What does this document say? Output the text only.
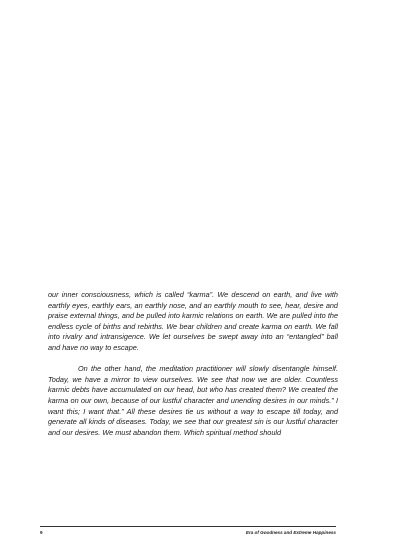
our inner consciousness, which is called “karma”. We descend on earth, and live with earthly eyes, earthly ears, an earthly nose, and an earthly mouth to see, hear, desire and praise external things, and be pulled into karmic relations on earth. We are pulled into the endless cycle of births and rebirths. We bear children and create karma on earth. We fall into rivalry and intransigence. We let ourselves be swept away into an “entangled” ball and have no way to escape.

On the other hand, the meditation practitioner will slowly disentangle himself. Today, we have a mirror to view ourselves. We see that now we are older. Countless karmic debts have accumulated on our head, but who has created them? We created the karma on our own, because of our lustful character and unending desires in our minds.” I want this; I want that.” All these desires tie us without a way to escape till today, and generate all kinds of diseases. Today, we see that our greatest sin is our lustful character and our desires. We must abandon them. Which spiritual method should

9	Era of Goodness and Extreme Happiness
